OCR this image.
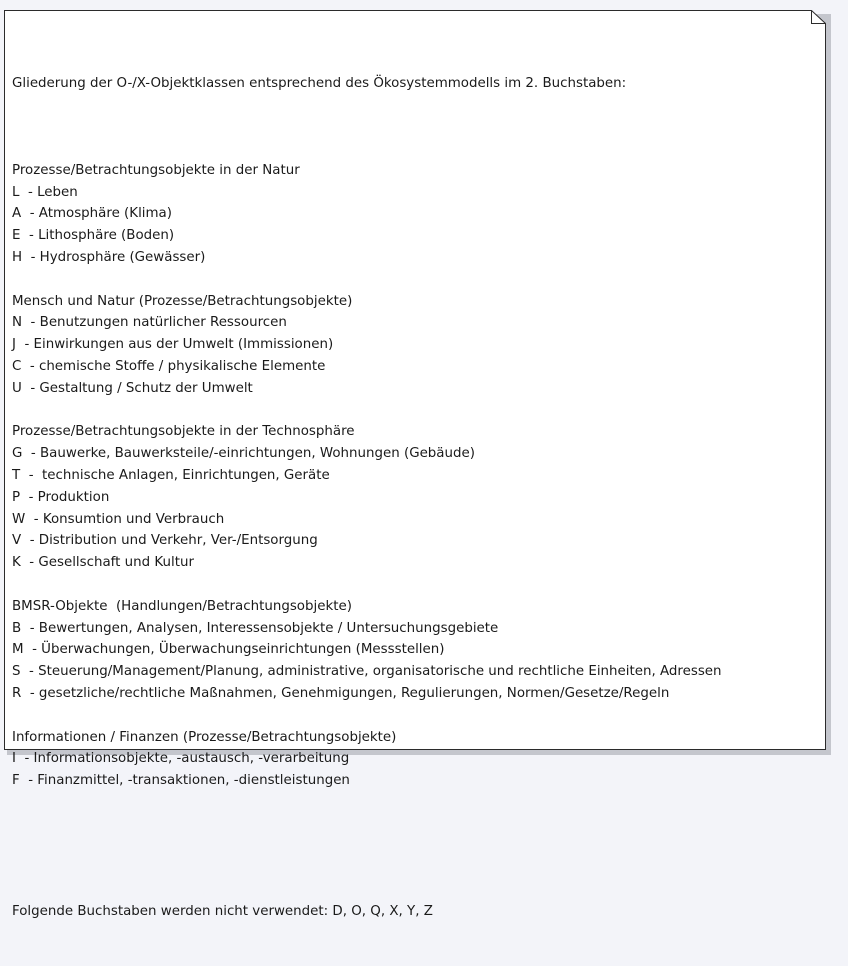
Gliederung der O-/X-Objektklassen entsprechend des Ökosystemmodells im 2. Buchstaben:

Prozesse/Betrachtungsobjekte in der Natur
L - Leben
A - Atmosphäre (Klima)
E - Lithosphäre (Boden)
H - Hydrosphäre (Gewässer)
Mensch und Natur (Prozesse/Betrachtungsobjekte)
N - Benutzungen natürlicher Ressourcen
J - Einwirkungen aus der Umwelt (Immissionen)
C - chemische Stoffe / physikalische Elemente
U - Gestaltung / Schutz der Umwelt
Prozesse/Betrachtungsobjekte in der Technosphäre
G - Bauwerke, Bauwerksteile/-einrichtungen, Wohnungen (Gebäude)
T -  technische Anlagen, Einrichtungen, Geräte
P - Produktion
W - Konsumtion und Verbrauch
V - Distribution und Verkehr, Ver-/Entsorgung
K - Gesellschaft und Kultur
BMSR-Objekte  (Handlungen/Betrachtungsobjekte)
B - Bewertungen, Analysen, Interessensobjekte / Untersuchungsgebiete
M - Überwachungen, Überwachungseinrichtungen (Messstellen)
S - Steuerung/Management/Planung, administrative, organisatorische und rechtliche Einheiten, Adressen
R - gesetzliche/rechtliche Maßnahmen, Genehmigungen, Regulierungen, Normen/Gesetze/Regeln
Informationen / Finanzen (Prozesse/Betrachtungsobjekte)
I - Informationsobjekte, -austausch, -verarbeitung
F - Finanzmittel, -transaktionen, -dienstleistungen

Folgende Buchstaben werden nicht verwendet: D, O, Q, X, Y, Z
